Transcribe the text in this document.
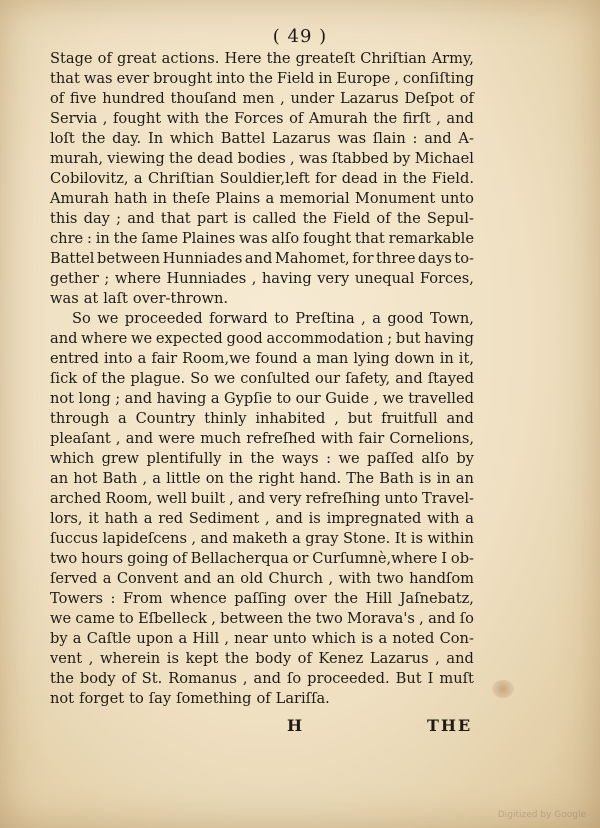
( 49 )
Stage of great actions. Here the greateſt Chriſtian Army,
that was ever brought into the Field in Europe , conſiſting
of five hundred thouſand men , under Lazarus Deſpot of
Servia , fought with the Forces of Amurah the firſt , and
loſt the day. In which Battel Lazarus was ſlain : and A-
murah, viewing the dead bodies , was ſtabbed by Michael
Cobilovitz, a Chriſtian Souldier,left for dead in the Field.
Amurah hath in theſe Plains a memorial Monument unto
this day ; and that part is called the Field of the Sepul-
chre : in the ſame Plaines was alſo fought that remarkable
Battel between Hunniades and Mahomet, for three days to-
gether ; where Hunniades , having very unequal Forces,
was at laſt over-thrown.
So we proceeded forward to Preſtina , a good Town,
and where we expected good accommodation ; but having
entred into a fair Room,we found a man lying down in it,
ſick of the plague. So we conſulted our ſafety, and ſtayed
not long ; and having a Gypſie to our Guide , we travelled
through a Country thinly inhabited , but fruitfull and
pleaſant , and were much refreſhed with fair Cornelions,
which grew plentifully in the ways : we paſſed alſo by
an hot Bath , a little on the right hand. The Bath is in an
arched Room, well built , and very refreſhing unto Travel-
lors, it hath a red Sediment , and is impregnated with a
ſuccus lapideſcens , and maketh a gray Stone. It is within
two hours going of Bellacherqua or Curſumnè,where I ob-
ſerved a Convent and an old Church , with two handſom
Towers : From whence paſſing over the Hill Jaſnebatz,
we came to Eſbelleck , between the two Morava's , and ſo
by a Caſtle upon a Hill , near unto which is a noted Con-
vent , wherein is kept the body of Kenez Lazarus , and
the body of St. Romanus , and ſo proceeded. But I muſt
not forget to ſay ſomething of Lariſſa.
H	THE
Digitized by Google
